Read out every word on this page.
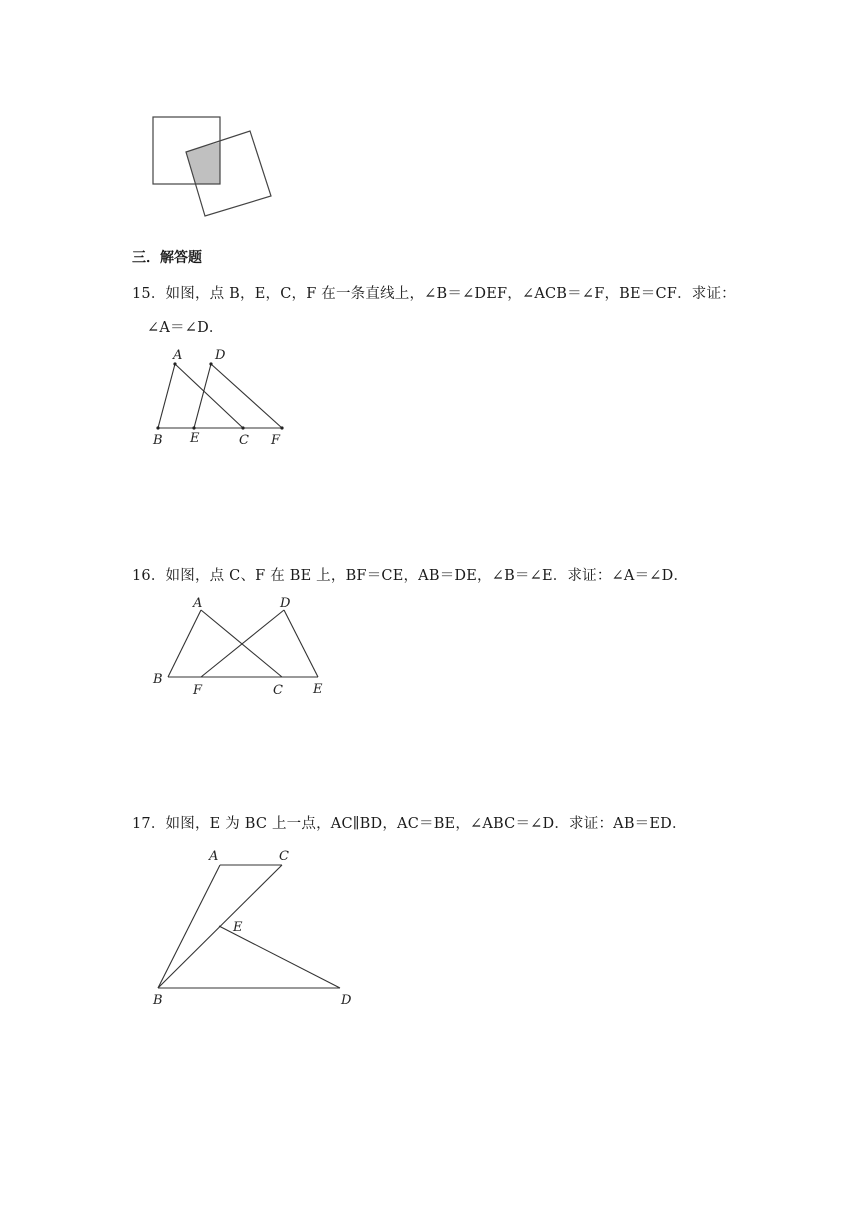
三．解答题
15．如图，点 B，E，C，F 在一条直线上，∠B＝∠DEF，∠ACB＝∠F，BE＝CF．求证：
∠A＝∠D．
A	D
B E	C F
16．如图，点 C、F 在 BE 上，BF＝CE，AB＝DE，∠B＝∠E．求证：∠A＝∠D．
A	D
B
F	C E
17．如图，E 为 BC 上一点，AC∥BD，AC＝BE，∠ABC＝∠D．求证：AB＝ED．
A	C
E
B	D
